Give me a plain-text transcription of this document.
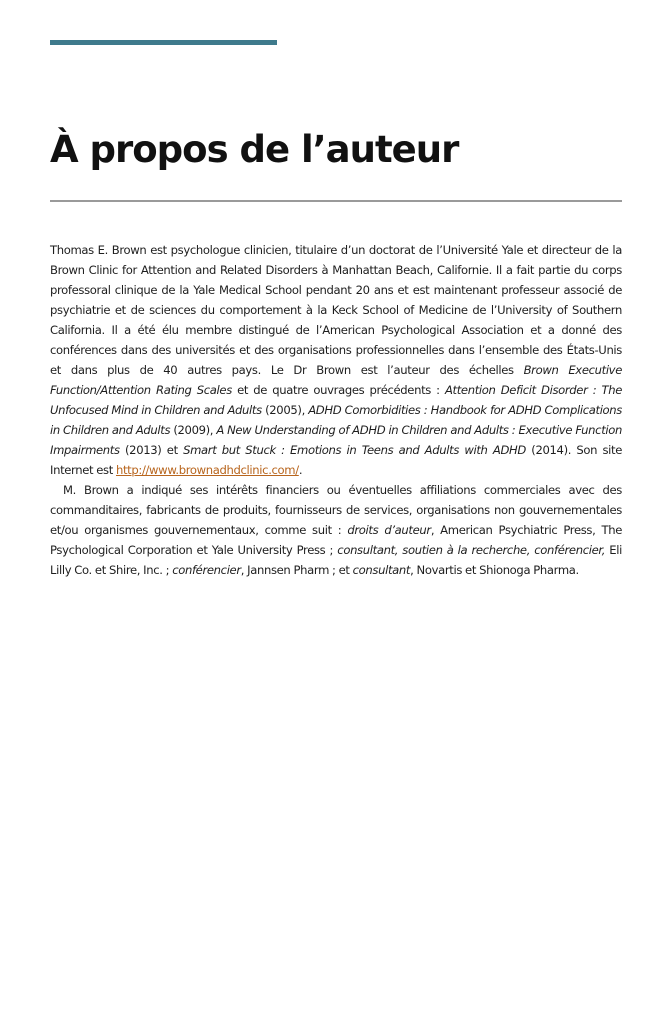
À propos de l’auteur

Thomas E. Brown est psychologue clinicien, titulaire d’un doctorat de l’Université Yale et directeur de la Brown Clinic for Attention and Related Disorders à Manhattan Beach, Californie. Il a fait partie du corps professoral clinique de la Yale Medical School pendant 20 ans et est maintenant professeur associé de psychiatrie et de sciences du comportement à la Keck School of Medicine de l’University of Southern California. Il a été élu membre distingué de l’American Psychological Association et a donné des conférences dans des universités et des organisations professionnelles dans l’ensemble des États-Unis et dans plus de 40 autres pays. Le Dr Brown est l’auteur des échelles Brown Executive Function/Attention Rating Scales et de quatre ouvrages précédents : Attention Deficit Disorder : The Unfocused Mind in Children and Adults (2005), ADHD Comorbidities : Handbook for ADHD Complications in Children and Adults (2009), A New Understanding of ADHD in Children and Adults : Executive Function Impairments (2013) et Smart but Stuck : Emotions in Teens and Adults with ADHD (2014). Son site Internet est http://www.brownadhdclinic.com/.

M. Brown a indiqué ses intérêts financiers ou éventuelles affiliations commerciales avec des commanditaires, fabricants de produits, fournisseurs de services, organisations non gouvernementales et/ou organismes gouvernementaux, comme suit : droits d’auteur, American Psychiatric Press, The Psychological Corporation et Yale University Press ; consultant, soutien à la recherche, conférencier, Eli Lilly Co. et Shire, Inc. ; conférencier, Jannsen Pharm ; et consultant, Novartis et Shionoga Pharma.
